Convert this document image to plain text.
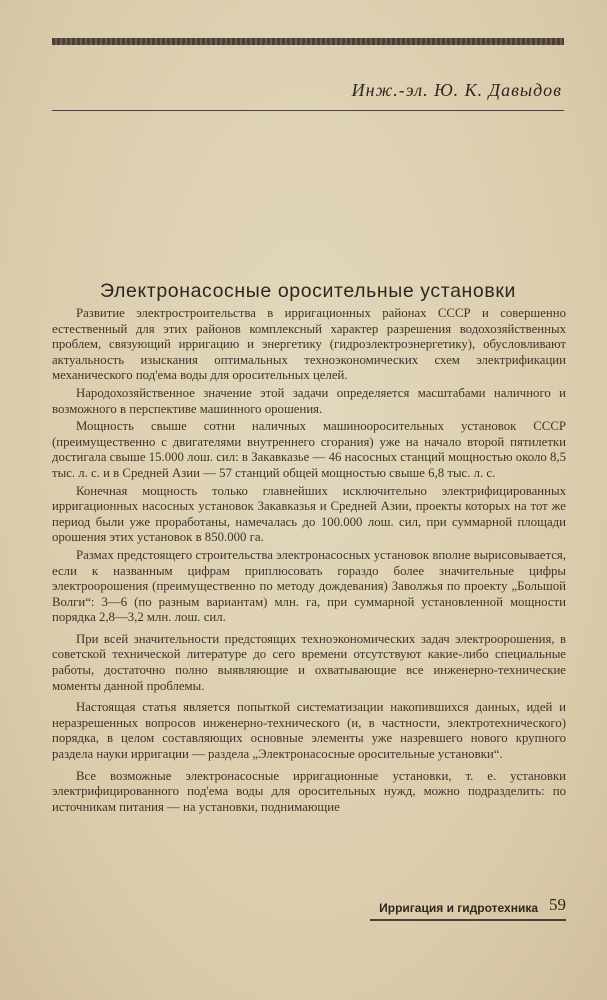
Инж.-эл. Ю. К. Давыдов
Электронасосные оросительные установки

Развитие электростроительства в ирригационных районах СССР и совершенно естественный для этих районов комплексный характер разрешения водохозяйственных проблем, связующий ирригацию и энергетику (гидроэлектроэнергетику), обусловливают актуальность изыскания оптимальных техноэкономических схем электрификации механического под'ема воды для оросительных целей.

Народохозяйственное значение этой задачи определяется масштабами наличного и возможного в перспективе машинного орошения.

Мощность свыше сотни наличных машинооросительных установок СССР (преимущественно с двигателями внутреннего сгорания) уже на начало второй пятилетки достигала свыше 15.000 лош. сил: в Закавказье — 46 насосных станций мощностью около 8,5 тыс. л. с. и в Средней Азии — 57 станций общей мощностью свыше 6,8 тыс. л. с.

Конечная мощность только главнейших исключительно электрифицированных ирригационных насосных установок Закавказья и Средней Азии, проекты которых на тот же период были уже проработаны, намечалась до 100.000 лош. сил, при суммарной площади орошения этих установок в 850.000 га.

Размах предстоящего строительства электронасосных установок вполне вырисовывается, если к названным цифрам приплюсовать гораздо более значительные цифры электроорошения (преимущественно по методу дождевания) Заволжья по проекту „Большой Волги“: 3—6 (по разным вариантам) млн. га, при суммарной установленной мощности порядка 2,8—3,2 млн. лош. сил.

При всей значительности предстоящих техноэкономических задач электроорошения, в советской технической литературе до сего времени отсутствуют какие-либо специальные работы, достаточно полно выявляющие и охватывающие все инженерно-технические моменты данной проблемы.

Настоящая статья является попыткой систематизации накопившихся данных, идей и неразрешенных вопросов инженерно-технического (и, в частности, электротехнического) порядка, в целом составляющих основные элементы уже назревшего нового крупного раздела науки ирригации — раздела „Электронасосные оросительные установки“.

Все возможные электронасосные ирригационные установки, т. е. установки электрифицированного под'ема воды для оросительных нужд, можно подразделить: по источникам питания — на установки, поднимающие

Ирригация и гидротехника 59
